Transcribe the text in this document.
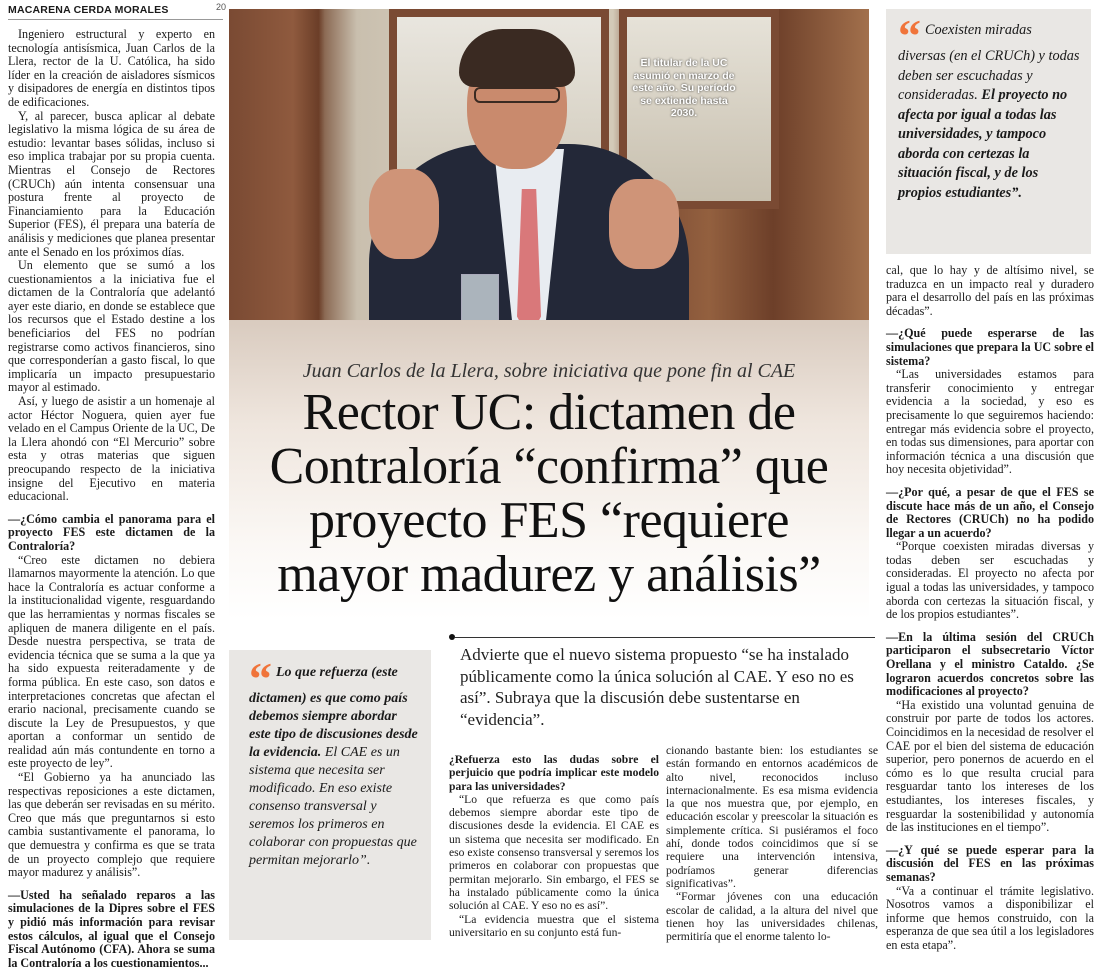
MACARENA CERDA MORALES	20

Ingeniero estructural y experto en tecnología antisísmica, Juan Carlos de la Llera, rector de la U. Católica, ha sido líder en la creación de aisladores sísmicos y disipadores de energía en distintos tipos de edificaciones.

Y, al parecer, busca aplicar al debate legislativo la misma lógica de su área de estudio: levantar bases sólidas, incluso si eso implica trabajar por su propia cuenta. Mientras el Consejo de Rectores (CRUCh) aún intenta consensuar una postura frente al proyecto de Financiamiento para la Educación Superior (FES), él prepara una batería de análisis y mediciones que planea presentar ante el Senado en los próximos días.

Un elemento que se sumó a los cuestionamientos a la iniciativa fue el dictamen de la Contraloría que adelantó ayer este diario, en donde se establece que los recursos que el Estado destine a los beneficiarios del FES no podrían registrarse como activos financieros, sino que corresponderían a gasto fiscal, lo que implicaría un impacto presupuestario mayor al estimado.

Así, y luego de asistir a un homenaje al actor Héctor Noguera, quien ayer fue velado en el Campus Oriente de la UC, De la Llera ahondó con “El Mercurio” sobre esta y otras materias que siguen preocupando respecto de la iniciativa insigne del Ejecutivo en materia educacional.

—¿Cómo cambia el panorama para el proyecto FES este dictamen de la Contraloría?

“Creo este dictamen no debiera llamarnos mayormente la atención. Lo que hace la Contraloría es actuar conforme a la institucionalidad vigente, resguardando que las herramientas y normas fiscales se apliquen de manera diligente en el país. Desde nuestra perspectiva, se trata de evidencia técnica que se suma a la que ya ha sido expuesta reiteradamente y de forma pública. En este caso, son datos e interpretaciones concretas que afectan el erario nacional, precisamente cuando se discute la Ley de Presupuestos, y que aportan a conformar un sentido de realidad aún más contundente en torno a este proyecto de ley”.

“El Gobierno ya ha anunciado las respectivas reposiciones a este dictamen, las que deberán ser revisadas en su mérito. Creo que más que preguntarnos si esto cambia sustantivamente el panorama, lo que demuestra y confirma es que se trata de un proyecto complejo que requiere mayor madurez y análisis”.

—Usted ha señalado reparos a las simulaciones de la Dipres sobre el FES y pidió más información para revisar estos cálculos, al igual que el Consejo Fiscal Autónomo (CFA). Ahora se suma la Contraloría a los cuestionamientos...

El titular de la UC asumió en marzo de este año. Su período se extiende hasta 2030.
Juan Carlos de la Llera, sobre iniciativa que pone fin al CAE
Rector UC: dictamen de
Contraloría “confirma” que
proyecto FES “requiere
mayor madurez y análisis”
“ Lo que refuerza (este dictamen) es que como país debemos siempre abordar este tipo de discusiones desde la evidencia. El CAE es un sistema que necesita ser modificado. En eso existe consenso transversal y seremos los primeros en colaborar con propuestas que permitan mejorarlo”.
“ Coexisten miradas diversas (en el CRUCh) y todas deben ser escuchadas y consideradas. El proyecto no afecta por igual a todas las universidades, y tampoco aborda con certezas la situación fiscal, y de los propios estudiantes”.
Advierte que el nuevo sistema propuesto “se ha instalado públicamente como la única solución al CAE. Y eso no es así”. Subraya que la discusión debe sustentarse en “evidencia”.

¿Refuerza esto las dudas sobre el perjuicio que podría implicar este modelo para las universidades?

“Lo que refuerza es que como país debemos siempre abordar este tipo de discusiones desde la evidencia. El CAE es un sistema que necesita ser modificado. En eso existe consenso transversal y seremos los primeros en colaborar con propuestas que permitan mejorarlo. Sin embargo, el FES se ha instalado públicamente como la única solución al CAE. Y eso no es así”.

“La evidencia muestra que el sistema universitario en su conjunto está fun-

cionando bastante bien: los estudiantes se están formando en entornos académicos de alto nivel, reconocidos incluso internacionalmente. Es esa misma evidencia la que nos muestra que, por ejemplo, en educación escolar y preescolar la situación es simplemente crítica. Si pusiéramos el foco ahí, donde todos coincidimos que sí se requiere una intervención intensiva, podríamos generar diferencias significativas”.

“Formar jóvenes con una educación escolar de calidad, a la altura del nivel que tienen hoy las universidades chilenas, permitiría que el enorme talento lo-

cal, que lo hay y de altísimo nivel, se traduzca en un impacto real y duradero para el desarrollo del país en las próximas décadas”.

—¿Qué puede esperarse de las simulaciones que prepara la UC sobre el sistema?

“Las universidades estamos para transferir conocimiento y entregar evidencia a la sociedad, y eso es precisamente lo que seguiremos haciendo: entregar más evidencia sobre el proyecto, en todas sus dimensiones, para aportar con información técnica a una discusión que hoy necesita objetividad”.

—¿Por qué, a pesar de que el FES se discute hace más de un año, el Consejo de Rectores (CRUCh) no ha podido llegar a un acuerdo?

“Porque coexisten miradas diversas y todas deben ser escuchadas y consideradas. El proyecto no afecta por igual a todas las universidades, y tampoco aborda con certezas la situación fiscal, y de los propios estudiantes”.

—En la última sesión del CRUCh participaron el subsecretario Víctor Orellana y el ministro Cataldo. ¿Se lograron acuerdos concretos sobre las modificaciones al proyecto?

“Ha existido una voluntad genuina de construir por parte de todos los actores. Coincidimos en la necesidad de resolver el CAE por el bien del sistema de educación superior, pero ponernos de acuerdo en el cómo es lo que resulta crucial para resguardar tanto los intereses de los estudiantes, los intereses fiscales, y resguardar la sostenibilidad y autonomía de las instituciones en el tiempo”.

—¿Y qué se puede esperar para la discusión del FES en las próximas semanas?

“Va a continuar el trámite legislativo. Nosotros vamos a disponibilizar el informe que hemos construido, con la esperanza de que sea útil a los legisladores en esta etapa”.
